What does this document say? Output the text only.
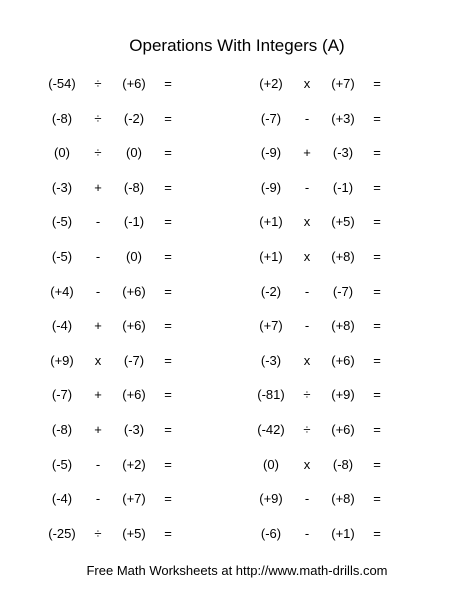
Operations With Integers (A)
(-54)	÷	(+6)	=
(-8)	÷	(-2)	=
(0)	÷	(0)	=
(-3)	+	(-8)	=
(-5)	-	(-1)	=
(-5)	-	(0)	=
(+4)	-	(+6)	=
(-4)	+	(+6)	=
(+9)	x	(-7)	=
(-7)	+	(+6)	=
(-8)	+	(-3)	=
(-5)	-	(+2)	=
(-4)	-	(+7)	=
(-25)	÷	(+5)	=
(+2)	x	(+7)	=
(-7)	-	(+3)	=
(-9)	+	(-3)	=
(-9)	-	(-1)	=
(+1)	x	(+5)	=
(+1)	x	(+8)	=
(-2)	-	(-7)	=
(+7)	-	(+8)	=
(-3)	x	(+6)	=
(-81)	÷	(+9)	=
(-42)	÷	(+6)	=
(0)	x	(-8)	=
(+9)	-	(+8)	=
(-6)	-	(+1)	=
Free Math Worksheets at http://www.math-drills.com
